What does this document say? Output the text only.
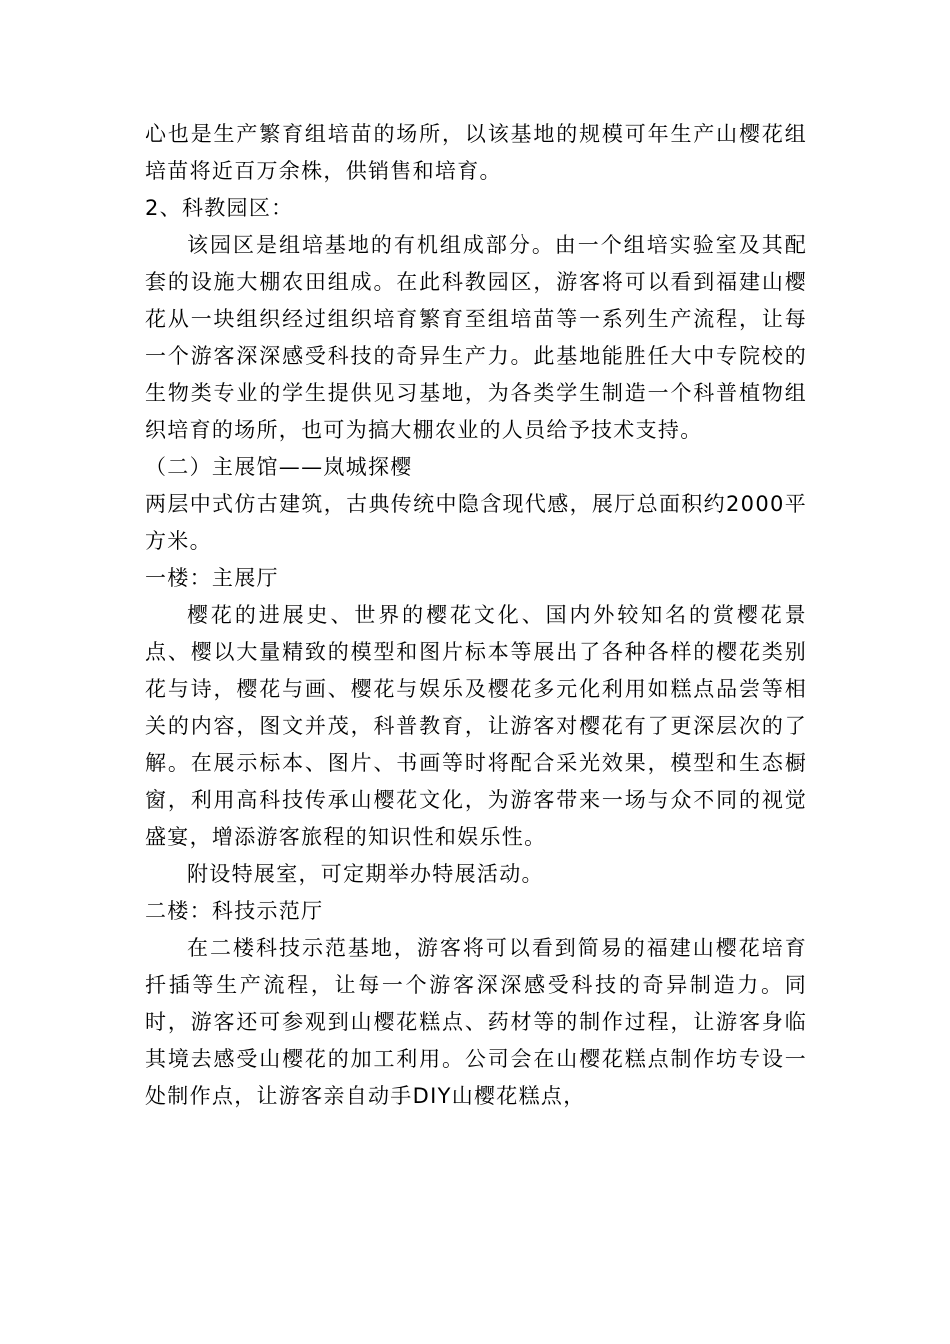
心也是生产繁育组培苗的场所，以该基地的规模可年生产山樱花组培苗将近百万余株，供销售和培育。

2、科教园区：

该园区是组培基地的有机组成部分。由一个组培实验室及其配套的设施大棚农田组成。在此科教园区，游客将可以看到福建山樱花从一块组织经过组织培育繁育至组培苗等一系列生产流程，让每一个游客深深感受科技的奇异生产力。此基地能胜任大中专院校的生物类专业的学生提供见习基地，为各类学生制造一个科普植物组织培育的场所，也可为搞大棚农业的人员给予技术支持。

（二）主展馆——岚城探樱

两层中式仿古建筑，古典传统中隐含现代感，展厅总面积约2000平方米。

一楼：主展厅

樱花的进展史、世界的樱花文化、国内外较知名的赏樱花景点、樱以大量精致的模型和图片标本等展出了各种各样的樱花类别花与诗，樱花与画、樱花与娱乐及樱花多元化利用如糕点品尝等相关的内容，图文并茂，科普教育，让游客对樱花有了更深层次的了解。在展示标本、图片、书画等时将配合采光效果，模型和生态橱窗，利用高科技传承山樱花文化，为游客带来一场与众不同的视觉盛宴，增添游客旅程的知识性和娱乐性。

附设特展室，可定期举办特展活动。

二楼：科技示范厅

在二楼科技示范基地，游客将可以看到简易的福建山樱花培育扦插等生产流程，让每一个游客深深感受科技的奇异制造力。同时，游客还可参观到山樱花糕点、药材等的制作过程，让游客身临其境去感受山樱花的加工利用。公司会在山樱花糕点制作坊专设一处制作点，让游客亲自动手DIY山樱花糕点，
